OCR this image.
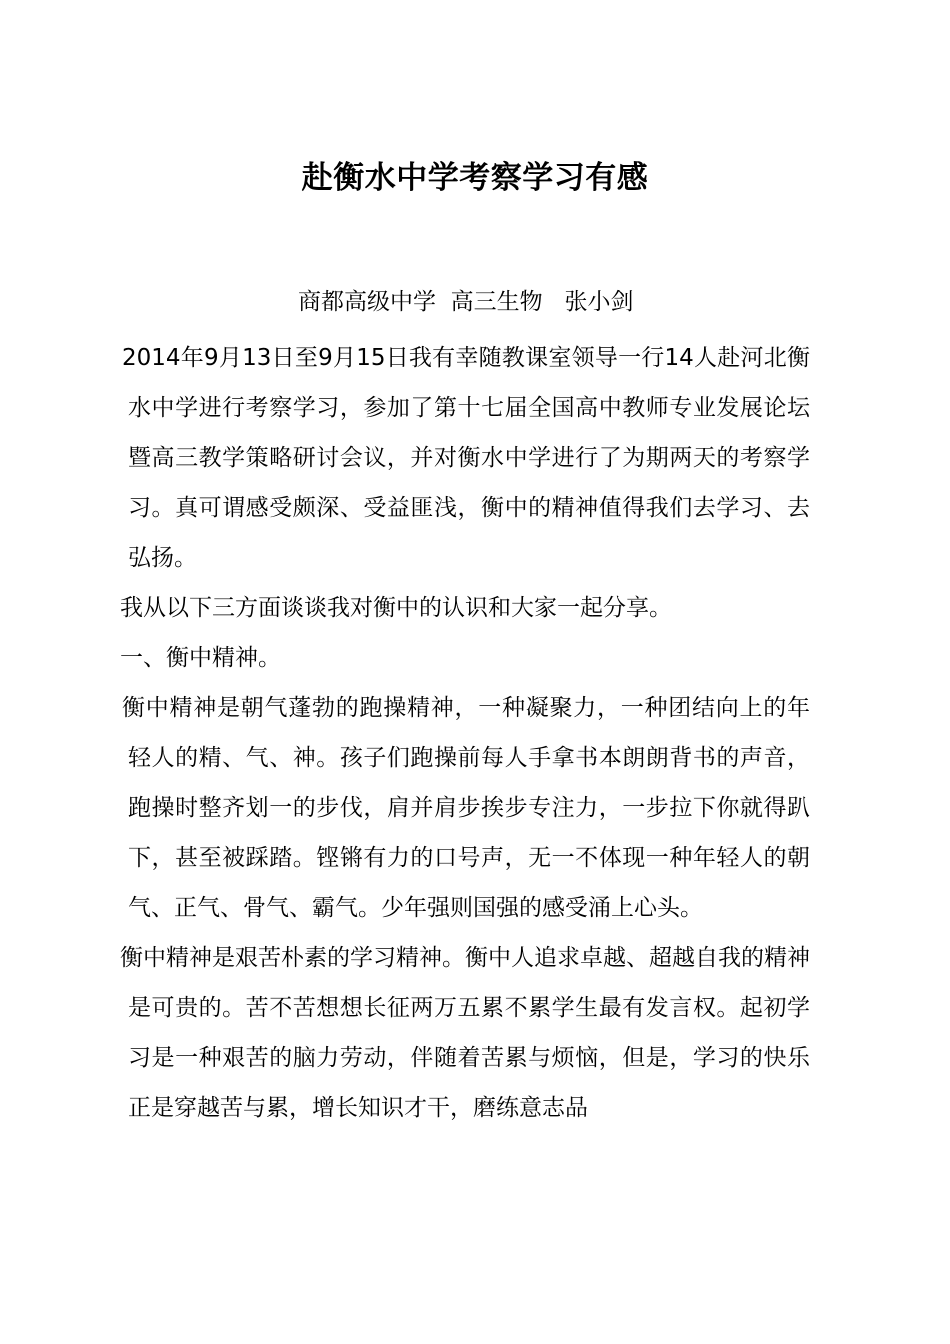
赴衡水中学考察学习有感

商都高级中学  高三生物   张小剑

2014年9月13日至9月15日我有幸随教课室领导一行14人赴河北衡水中学进行考察学习，参加了第十七届全国高中教师专业发展论坛暨高三教学策略研讨会议，并对衡水中学进行了为期两天的考察学习。真可谓感受颇深、受益匪浅，衡中的精神值得我们去学习、去弘扬。

我从以下三方面谈谈我对衡中的认识和大家一起分享。

一、衡中精神。

衡中精神是朝气蓬勃的跑操精神，一种凝聚力，一种团结向上的年轻人的精、气、神。孩子们跑操前每人手拿书本朗朗背书的声音，跑操时整齐划一的步伐，肩并肩步挨步专注力，一步拉下你就得趴下，甚至被踩踏。铿锵有力的口号声，无一不体现一种年轻人的朝气、正气、骨气、霸气。少年强则国强的感受涌上心头。

衡中精神是艰苦朴素的学习精神。衡中人追求卓越、超越自我的精神是可贵的。苦不苦想想长征两万五累不累学生最有发言权。起初学习是一种艰苦的脑力劳动，伴随着苦累与烦恼，但是，学习的快乐正是穿越苦与累，增长知识才干，磨练意志品
